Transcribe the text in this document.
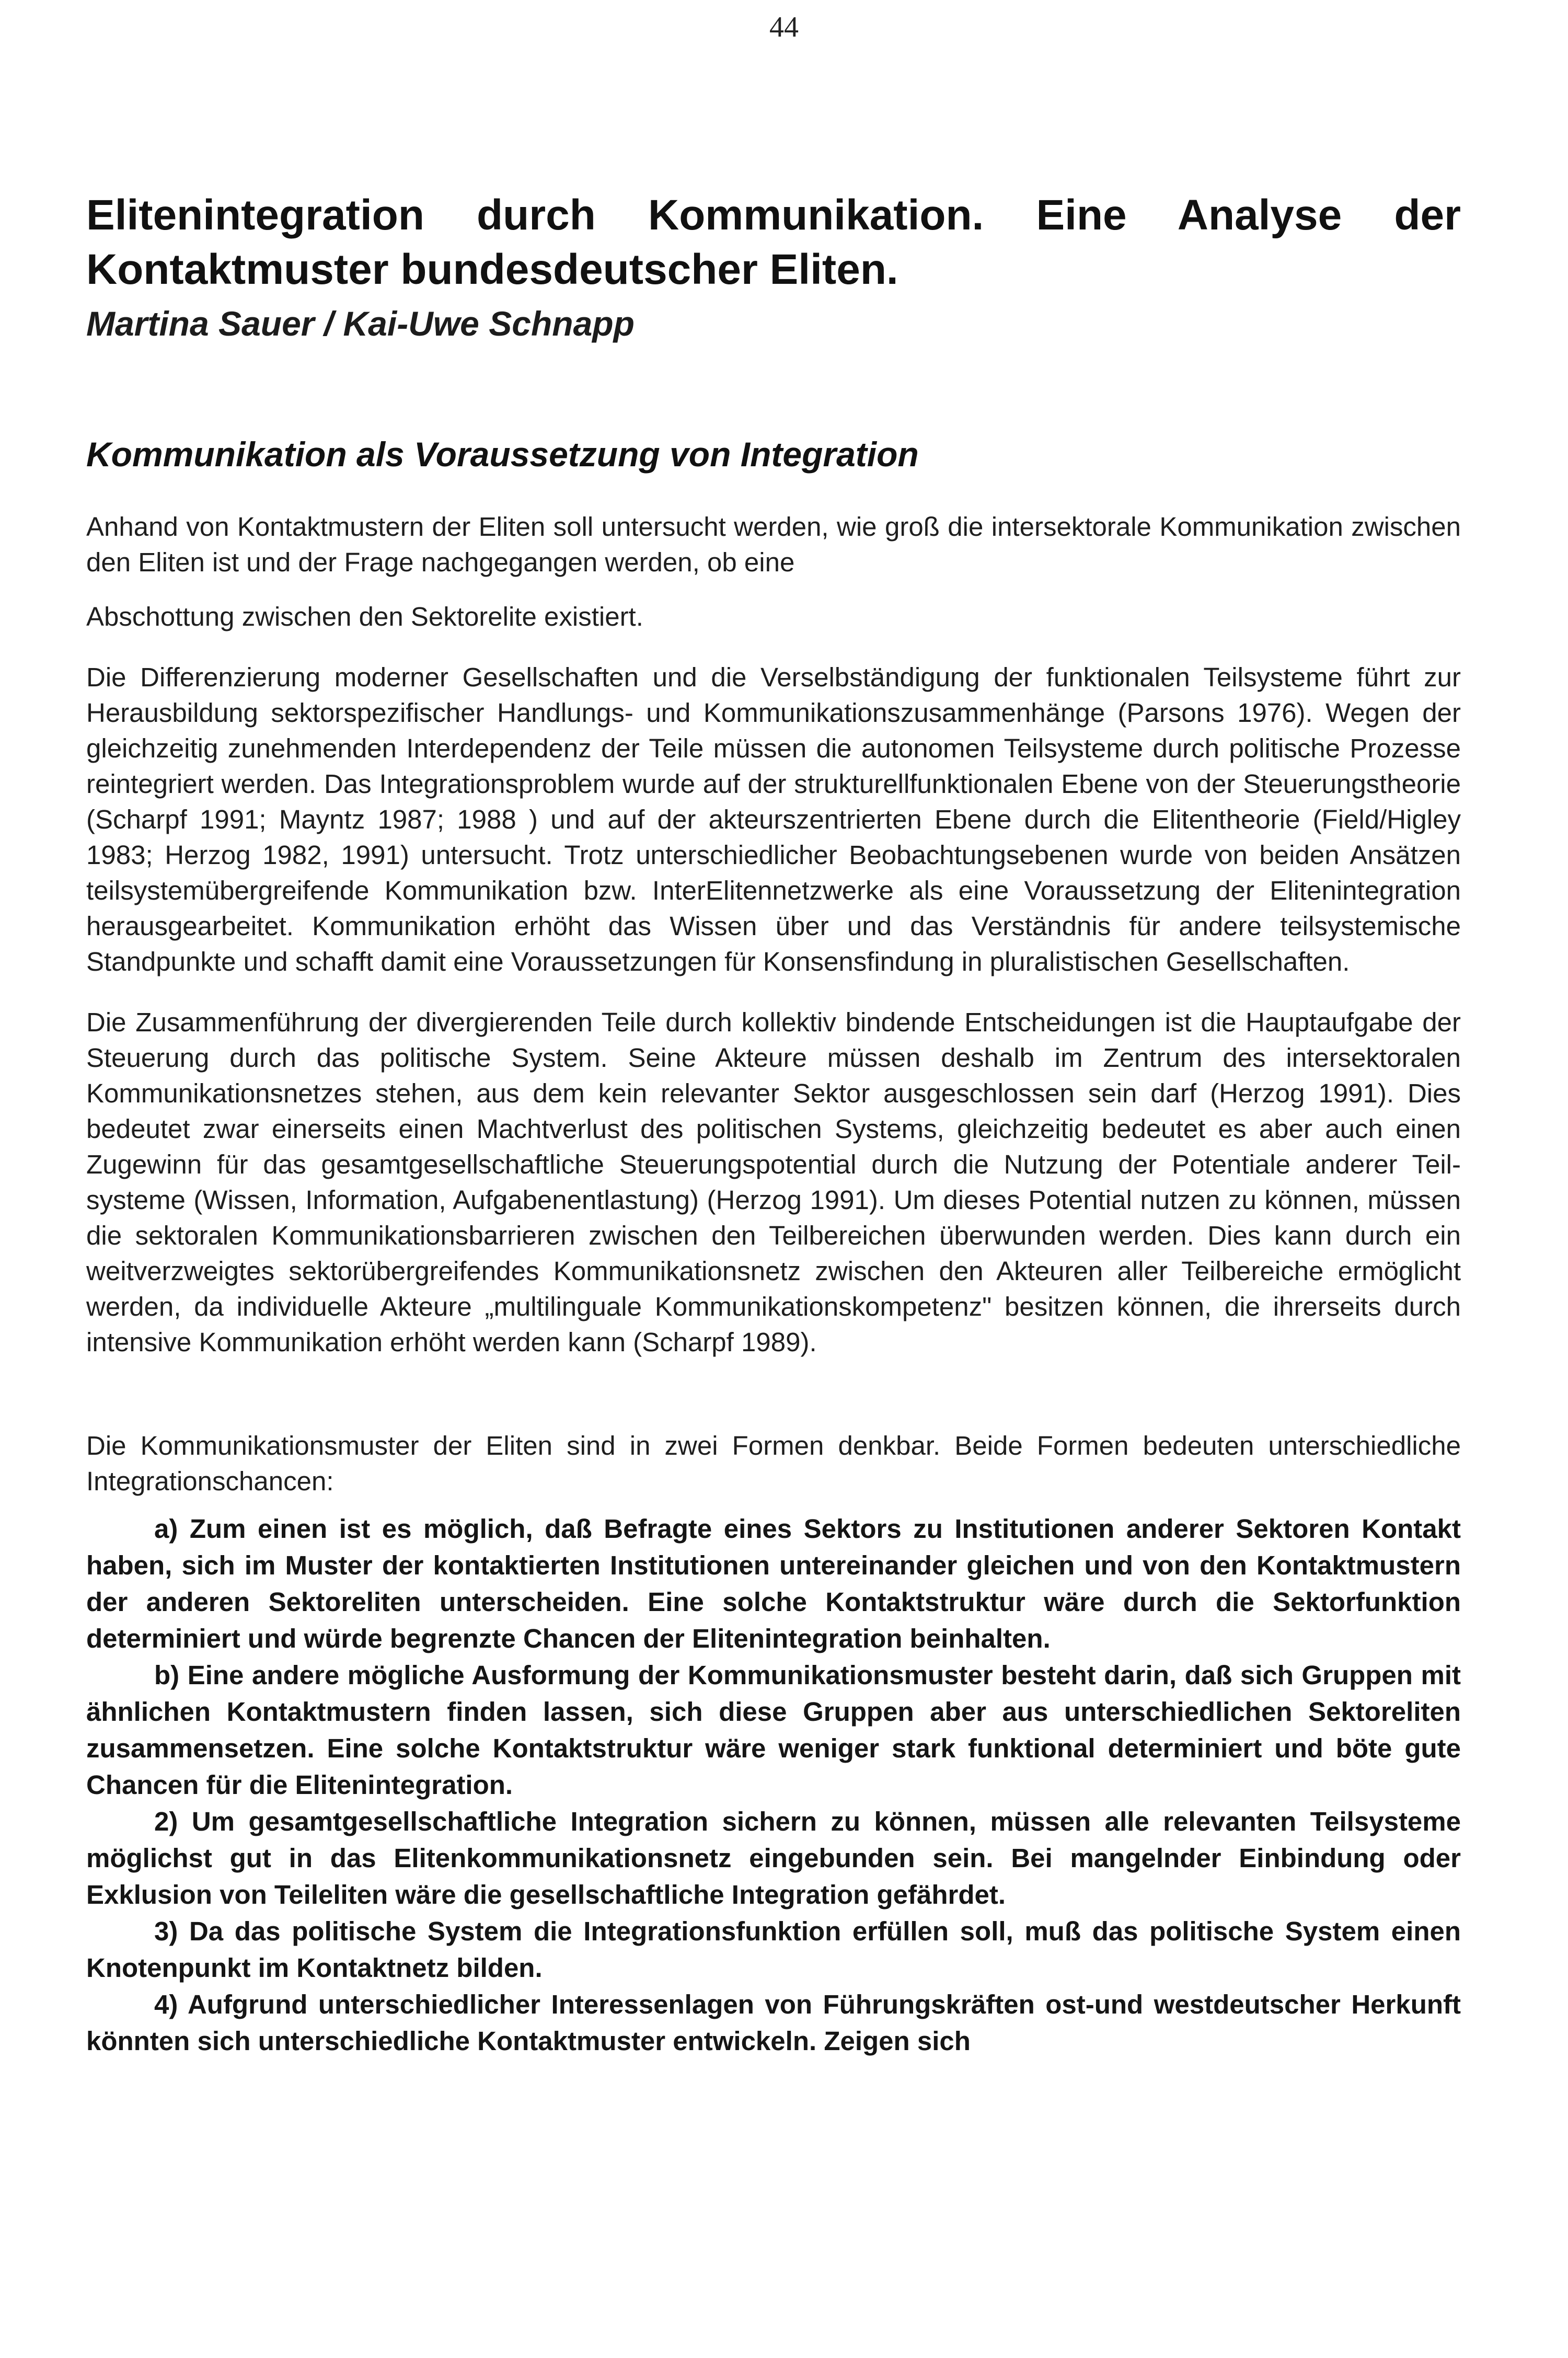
44
Elitenintegration durch Kommunikation. Eine Analyse der Kontaktmuster bundesdeutscher Eliten.
Martina Sauer / Kai-Uwe Schnapp
Kommunikation als Voraussetzung von Integration

Anhand von Kontaktmustern der Eliten soll untersucht werden, wie groß die intersektorale Kommunikation zwischen den Eliten ist und der Frage nachgegangen werden, ob eine

Abschottung zwischen den Sektorelite existiert.

Die Differenzierung moderner Gesellschaften und die Verselbständigung der funktionalen Teilsysteme führt zur Herausbildung sektorspezifischer Handlungs- und Kommunikationszusammenhänge (Parsons 1976). Wegen der gleichzeitig zunehmenden Interdependenz der Teile müssen die autonomen Teilsysteme durch politische Prozesse reintegriert werden. Das Integrationsproblem wurde auf der strukturellfunktionalen Ebene von der Steuerungstheorie (Scharpf 1991; Mayntz 1987; 1988 ) und auf der akteurszentrierten Ebene durch die Elitentheorie (Field/Higley 1983; Herzog 1982, 1991) untersucht. Trotz unterschiedlicher Beobachtungsebenen wurde von beiden Ansätzen teilsystemübergreifende Kommunikation bzw. InterElitennetzwerke als eine Voraussetzung der Elitenintegration herausgearbeitet. Kommunikation erhöht das Wissen über und das Verständnis für andere teilsystemische Standpunkte und schafft damit eine Voraussetzungen für Konsensfindung in pluralistischen Gesellschaften.

Die Zusammenführung der divergierenden Teile durch kollektiv bindende Entscheidungen ist die Hauptaufgabe der Steuerung durch das politische System. Seine Akteure müssen deshalb im Zentrum des intersektoralen Kommunikationsnetzes stehen, aus dem kein relevanter Sektor ausgeschlossen sein darf (Herzog 1991). Dies bedeutet zwar einerseits einen Machtverlust des politischen Systems, gleichzeitig bedeutet es aber auch einen Zugewinn für das gesamtgesellschaftliche Steuerungspotential durch die Nutzung der Potentiale anderer Teil-systeme (Wissen, Information, Aufgabenentlastung) (Herzog 1991). Um dieses Potential nutzen zu können, müssen die sektoralen Kommunikationsbarrieren zwischen den Teilbereichen überwunden werden. Dies kann durch ein weitverzweigtes sektorübergreifendes Kommunikationsnetz zwischen den Akteuren aller Teilbereiche ermöglicht werden, da individuelle Akteure „multilinguale Kommunikationskompetenz" besitzen können, die ihrerseits durch intensive Kommunikation erhöht werden kann (Scharpf 1989).

Die Kommunikationsmuster der Eliten sind in zwei Formen denkbar. Beide Formen bedeuten unterschiedliche Integrationschancen:

a) Zum einen ist es möglich, daß Befragte eines Sektors zu Institutionen anderer Sektoren Kontakt haben, sich im Muster der kontaktierten Institutionen untereinander gleichen und von den Kontaktmustern der anderen Sektoreliten unterscheiden. Eine solche Kontaktstruktur wäre durch die Sektorfunktion determiniert und würde begrenzte Chancen der Elitenintegration beinhalten.

b) Eine andere mögliche Ausformung der Kommunikationsmuster besteht darin, daß sich Gruppen mit ähnlichen Kontaktmustern finden lassen, sich diese Gruppen aber aus unterschiedlichen Sektoreliten zusammensetzen. Eine solche Kontaktstruktur wäre weniger stark funktional determiniert und böte gute Chancen für die Elitenintegration.

2) Um gesamtgesellschaftliche Integration sichern zu können, müssen alle relevanten Teilsysteme möglichst gut in das Elitenkommunikationsnetz eingebunden sein. Bei mangelnder Einbindung oder Exklusion von Teileliten wäre die gesellschaftliche Integration gefährdet.

3) Da das politische System die Integrationsfunktion erfüllen soll, muß das politische System einen Knotenpunkt im Kontaktnetz bilden.

4) Aufgrund unterschiedlicher Interessenlagen von Führungskräften ost-und westdeutscher Herkunft könnten sich unterschiedliche Kontaktmuster entwickeln. Zeigen sich
